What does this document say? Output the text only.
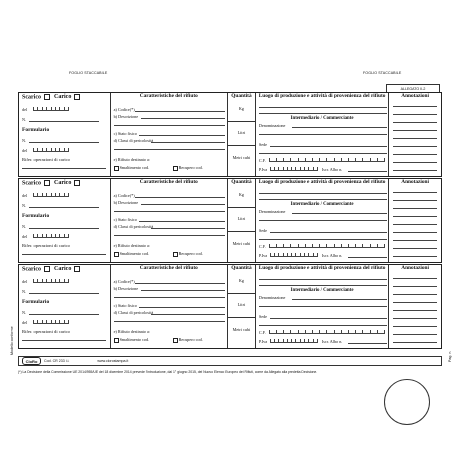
FOGLIO STACCABILE	FOGLIO STACCABILE
ALLEGATO II-2
Modello conforme
Scarico Carico
del
N.
Formulario
N.
del
Rifer. operazioni di carico
Caratteristiche del rifiuto
a) Codice(*)
b) Descrizione
c) Stato fisico
d) Classi di pericolosità
e) Rifiuto destinato a:
Smaltimento cod.	Recupero cod.
Quantità
Kg
Litri
Metri cubi
Luogo di produzione e attività di provenienza del rifiuto
Intermediario / Commerciante
Denominazione
Sede
C.F.
P.Iva	Iscr. Albo n.
Annotazioni
Scarico Carico
del
N.
Formulario
N.
del
Rifer. operazioni di carico
Caratteristiche del rifiuto
a) Codice(*)
b) Descrizione
c) Stato fisico
d) Classi di pericolosità
e) Rifiuto destinato a:
Smaltimento cod.	Recupero cod.
Quantità
Kg
Litri
Metri cubi
Luogo di produzione e attività di provenienza del rifiuto
Intermediario / Commerciante
Denominazione
Sede
C.F.
P.Iva	Iscr. Albo n.
Annotazioni
Scarico Carico
del
N.
Formulario
N.
del
Rifer. operazioni di carico
Caratteristiche del rifiuto
a) Codice(*)
b) Descrizione
c) Stato fisico
d) Classi di pericolosità
e) Rifiuto destinato a:
Smaltimento cod.	Recupero cod.
Quantità
Kg
Litri
Metri cubi
Luogo di produzione e attività di provenienza del rifiuto
Intermediario / Commerciante
Denominazione
Sede
C.F.
P.Iva	Iscr. Albo n.
Annotazioni
CloRo	Cod. CR 233 i.i.	www.clorostampa.it
(*) La Decisione della Commissione UE 2014/955/UE del 18 dicembre 2014 prevede l'introduzione, dal 1° giugno 2015, del Nuovo Elenco Europeo dei Rifiuti, come da Allegato alla predetta Decisione.
Pag. n.
